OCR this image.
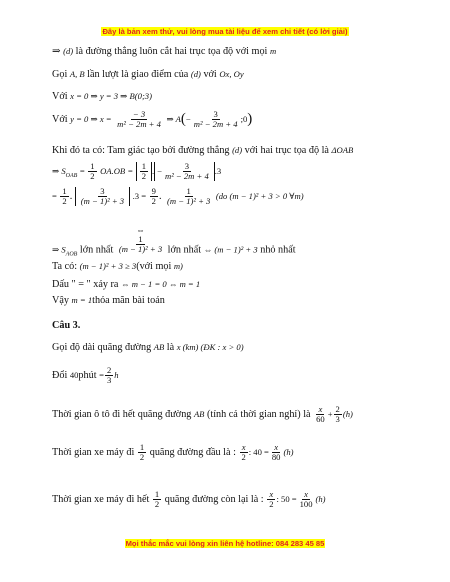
Đây là bản xem thử, vui lòng mua tài liệu để xem chi tiết (có lời giải)
⇒ (d) là đường thẳng luôn cắt hai trục tọa độ với mọi m
Gọi A, B lần lượt là giao điểm của (d) với Ox, Oy
Với x = 0 ⇒ y = 3 ⇒ B(0;3)
Với y = 0 ⇒ $x = \frac{- 3}{\text{m² − 2m + 4}}$ ⇒ $A(- \frac{3}{\text{m² − 2m + 4}}$ ;0)
Khi đó ta có: Tam giác tạo bởi đường thẳng (d) với hai trục tọa độ là ΔOAB
⇒ $S_{OAB} = \frac{1}{2} OA.OB = \frac{1}{2}$ . − $\frac{3}{\text{m² − 2m + 4}} .3$
= $\frac{1}{2}$ . $\frac{3}{\text{(m − 1)² + 3}} .3 = \frac{9}{2}$ . $\frac{1}{\text{(m − 1)² + 3}} (do$ (m − 1)² + 3 > 0 ∀m)
⇒ $S_{AOB}$ lớn nhất
⇔
$\frac{1}{\text{(m − 1)² + 3}}$ lớn nhất ⇔ (m − 1)² + 3 nhỏ nhất
Ta có: (m − 1)² + 3 ≥ 3(với mọi m)
Dấu " = " xảy ra ⇔ m − 1 = 0 ⇔ m = 1
Vậy m = 1thỏa mãn bài toán
Câu 3.
Gọi độ dài quãng đường AB là x (km) (ĐK : x > 0)
Đổi 40phút = $\frac{2}{3}$ h
Thời gian ô tô đi hết quãng đường AB (tính cả thời gian nghỉ) là $\frac{x}{60} + \frac{2}{3} (h)$
Thời gian xe máy đi $\frac{1}{2}$ quãng đường đầu là : $\frac{x}{2}$ : $40 = \frac{x}{80} (h)$
Thời gian xe máy đi hết $\frac{1}{2}$ quãng đường còn lại là : $\frac{x}{2}$ : $50 = \frac{x}{100} (h)$
Mọi thắc mắc vui lòng xin liên hệ hotline: 084 283 45 85
